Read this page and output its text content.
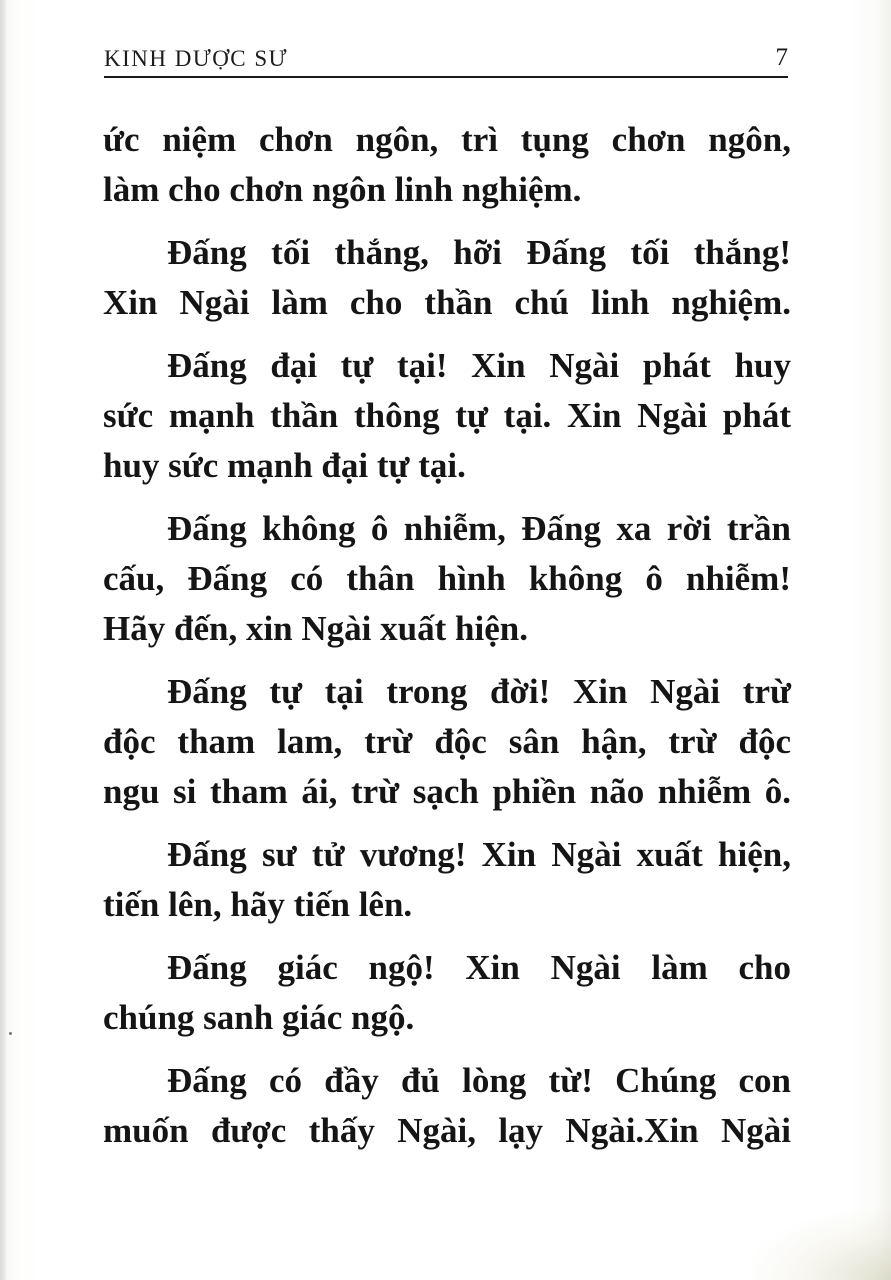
KINH DƯỢC SƯ	7
ức niệm chơn ngôn, trì tụng chơn ngôn,
làm cho chơn ngôn linh nghiệm.
Đấng tối thắng, hỡi Đấng tối thắng!
Xin Ngài làm cho thần chú linh nghiệm.
Đấng đại tự tại! Xin Ngài phát huy
sức mạnh thần thông tự tại. Xin Ngài phát
huy sức mạnh đại tự tại.
Đấng không ô nhiễm, Đấng xa rời trần
cấu, Đấng có thân hình không ô nhiễm!
Hãy đến, xin Ngài xuất hiện.
Đấng tự tại trong đời! Xin Ngài trừ
độc tham lam, trừ độc sân hận, trừ độc
ngu si tham ái, trừ sạch phiền não nhiễm ô.
Đấng sư tử vương! Xin Ngài xuất hiện,
tiến lên, hãy tiến lên.
Đấng giác ngộ! Xin Ngài làm cho
chúng sanh giác ngộ.
Đấng có đầy đủ lòng từ! Chúng con
muốn được thấy Ngài, lạy Ngài.Xin Ngài
